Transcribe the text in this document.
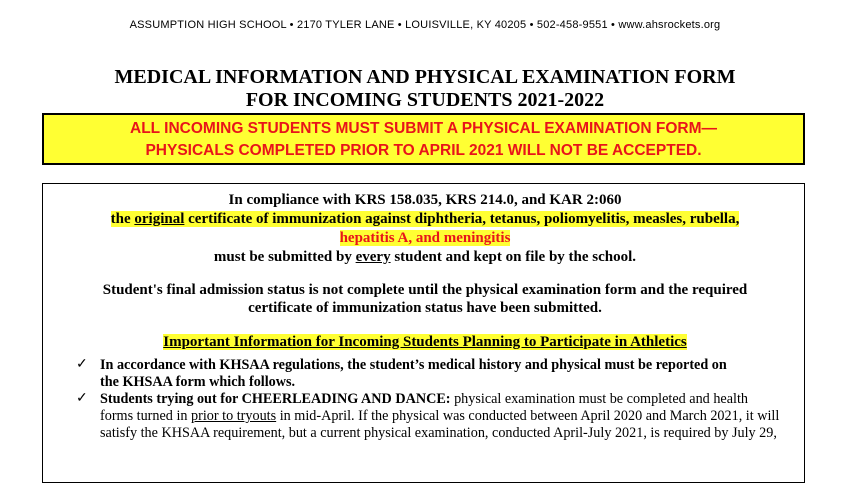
ASSUMPTION HIGH SCHOOL • 2170 TYLER LANE • LOUISVILLE, KY 40205 • 502-458-9551 • www.ahsrockets.org
MEDICAL INFORMATION AND PHYSICAL EXAMINATION FORM
FOR INCOMING STUDENTS 2021-2022
ALL INCOMING STUDENTS MUST SUBMIT A PHYSICAL EXAMINATION FORM—
PHYSICALS COMPLETED PRIOR TO APRIL 2021 WILL NOT BE ACCEPTED.
In compliance with KRS 158.035, KRS 214.0, and KAR 2:060
the original certificate of immunization against diphtheria, tetanus, poliomyelitis, measles, rubella,
hepatitis A, and meningitis
must be submitted by every student and kept on file by the school.
Student's final admission status is not complete until the physical examination form and the required
certificate of immunization status have been submitted.
Important Information for Incoming Students Planning to Participate in Athletics
✓ In accordance with KHSAA regulations, the student’s medical history and physical must be reported on
the KHSAA form which follows.
✓ Students trying out for CHEERLEADING AND DANCE: physical examination must be completed and health
forms turned in prior to tryouts in mid-April. If the physical was conducted between April 2020 and March 2021, it will
satisfy the KHSAA requirement, but a current physical examination, conducted April-July 2021, is required by July 29,
